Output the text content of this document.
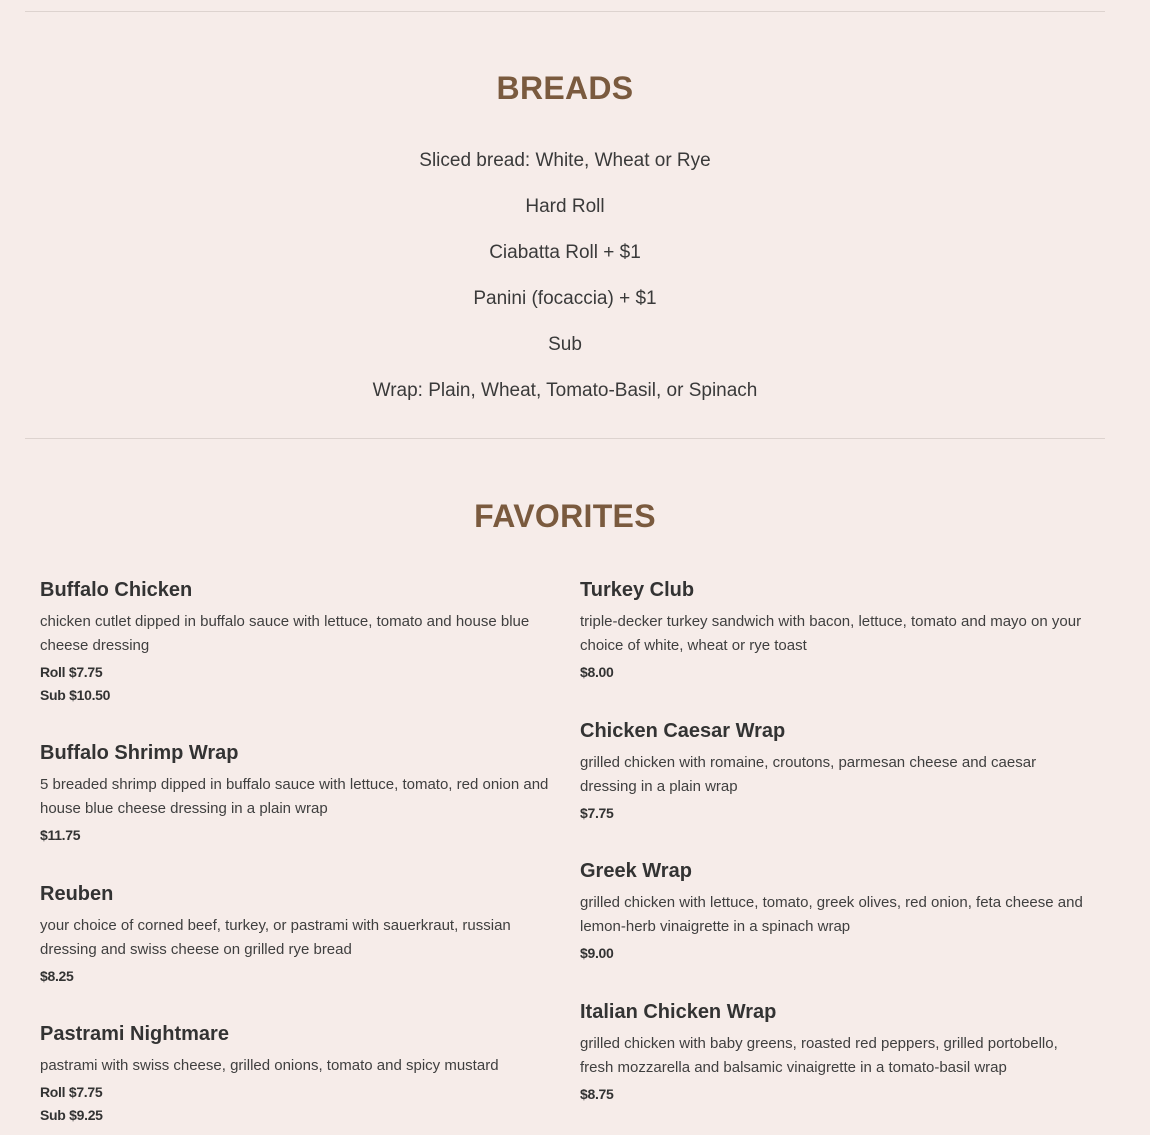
BREADS
Sliced bread: White, Wheat or Rye
Hard Roll
Ciabatta Roll + $1
Panini (focaccia) + $1
Sub
Wrap: Plain, Wheat, Tomato-Basil, or Spinach
FAVORITES
Buffalo Chicken

chicken cutlet dipped in buffalo sauce with lettuce, tomato and house blue cheese dressing

Roll $7.75
Sub $10.50
Buffalo Shrimp Wrap

5 breaded shrimp dipped in buffalo sauce with lettuce, tomato, red onion and house blue cheese dressing in a plain wrap

$11.75
Reuben

your choice of corned beef, turkey, or pastrami with sauerkraut, russian dressing and swiss cheese on grilled rye bread

$8.25
Pastrami Nightmare

pastrami with swiss cheese, grilled onions, tomato and spicy mustard

Roll $7.75
Sub $9.25
Turkey Club

triple-decker turkey sandwich with bacon, lettuce, tomato and mayo on your choice of white, wheat or rye toast

$8.00
Chicken Caesar Wrap

grilled chicken with romaine, croutons, parmesan cheese and caesar dressing in a plain wrap

$7.75
Greek Wrap

grilled chicken with lettuce, tomato, greek olives, red onion, feta cheese and lemon-herb vinaigrette in a spinach wrap

$9.00
Italian Chicken Wrap

grilled chicken with baby greens, roasted red peppers, grilled portobello, fresh mozzarella and balsamic vinaigrette in a tomato-basil wrap

$8.75
